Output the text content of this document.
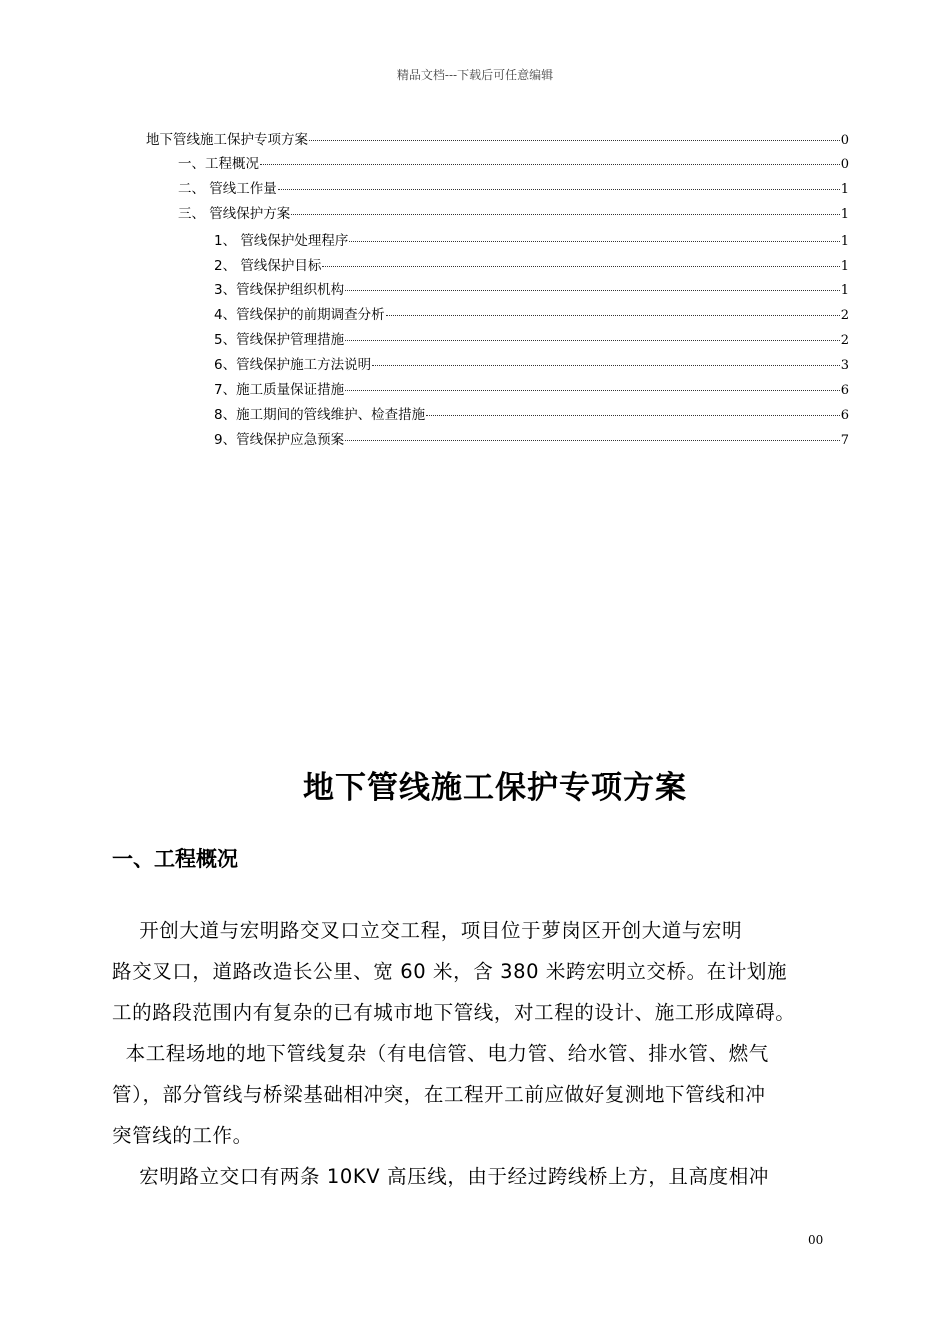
精品文档---下载后可任意编辑
地下管线施工保护专项方案	0
一、工程概况	0
二、 管线工作量	1
三、 管线保护方案	1
1、 管线保护处理程序	1
2、 管线保护目标	1
3、管线保护组织机构	1
4、管线保护的前期调查分析	2
5、管线保护管理措施	2
6、管线保护施工方法说明	3
7、施工质量保证措施	6
8、施工期间的管线维护、检查措施	6
9、管线保护应急预案	7
地下管线施工保护专项方案
一、工程概况

开创大道与宏明路交叉口立交工程，项目位于萝岗区开创大道与宏明

路交叉口，道路改造长公里、宽 60 米，含 380 米跨宏明立交桥。在计划施

工的路段范围内有复杂的已有城市地下管线，对工程的设计、施工形成障碍。

本工程场地的地下管线复杂（有电信管、电力管、给水管、排水管、燃气

管），部分管线与桥梁基础相冲突，在工程开工前应做好复测地下管线和冲

突管线的工作。

宏明路立交口有两条 10KV 高压线，由于经过跨线桥上方，且高度相冲

00
